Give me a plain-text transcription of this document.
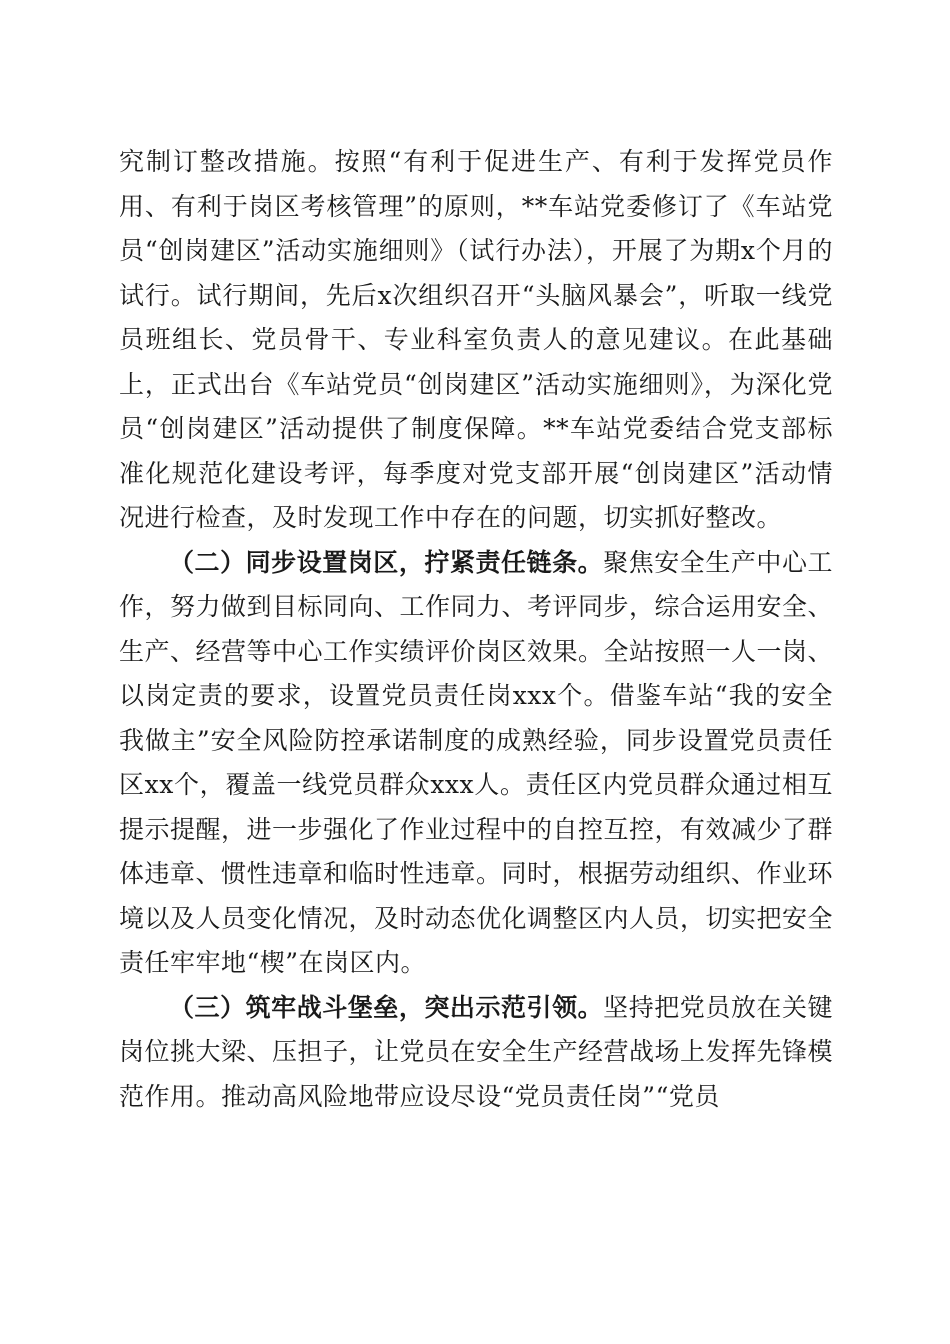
究制订整改措施。按照“有利于促进生产、有利于发挥党员作用、有利于岗区考核管理”的原则，**车站党委修订了《车站党员“创岗建区”活动实施细则》（试行办法），开展了为期x个月的试行。试行期间，先后x次组织召开“头脑风暴会”，听取一线党员班组长、党员骨干、专业科室负责人的意见建议。在此基础上，正式出台《车站党员“创岗建区”活动实施细则》，为深化党员“创岗建区”活动提供了制度保障。**车站党委结合党支部标准化规范化建设考评，每季度对党支部开展“创岗建区”活动情况进行检查，及时发现工作中存在的问题，切实抓好整改。

（二）同步设置岗区，拧紧责任链条。聚焦安全生产中心工作，努力做到目标同向、工作同力、考评同步，综合运用安全、生产、经营等中心工作实绩评价岗区效果。全站按照一人一岗、以岗定责的要求，设置党员责任岗xxx个。借鉴车站“我的安全我做主”安全风险防控承诺制度的成熟经验，同步设置党员责任区xx个，覆盖一线党员群众xxx人。责任区内党员群众通过相互提示提醒，进一步强化了作业过程中的自控互控，有效减少了群体违章、惯性违章和临时性违章。同时，根据劳动组织、作业环境以及人员变化情况，及时动态优化调整区内人员，切实把安全责任牢牢地“楔”在岗区内。

（三）筑牢战斗堡垒，突出示范引领。坚持把党员放在关键岗位挑大梁、压担子，让党员在安全生产经营战场上发挥先锋模范作用。推动高风险地带应设尽设“党员责任岗”“党员
